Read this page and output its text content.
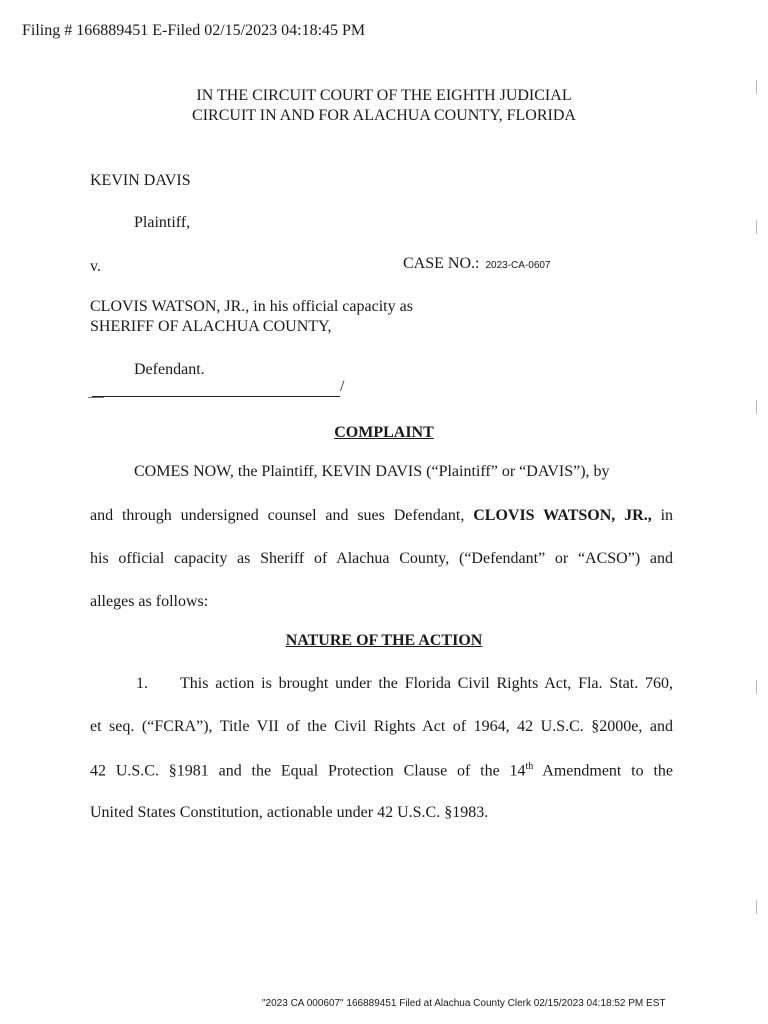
Filing # 166889451 E-Filed 02/15/2023 04:18:45 PM
IN THE CIRCUIT COURT OF THE EIGHTH JUDICIAL
CIRCUIT IN AND FOR ALACHUA COUNTY, FLORIDA
KEVIN DAVIS
Plaintiff,
v.	CASE NO.: 2023-CA-0607
CLOVIS WATSON, JR., in his official capacity as
SHERIFF OF ALACHUA COUNTY,
Defendant.
/
COMPLAINT
COMES NOW, the Plaintiff, KEVIN DAVIS (“Plaintiff” or “DAVIS”), by
and through undersigned counsel and sues Defendant, CLOVIS WATSON, JR., in
his official capacity as Sheriff of Alachua County, (“Defendant” or “ACSO”) and
alleges as follows:
NATURE OF THE ACTION
1. This action is brought under the Florida Civil Rights Act, Fla. Stat. 760,
et seq. (“FCRA”), Title VII of the Civil Rights Act of 1964, 42 U.S.C. §2000e, and
42 U.S.C. §1981 and the Equal Protection Clause of the 14th Amendment to the
United States Constitution, actionable under 42 U.S.C. §1983.
"2023 CA 000607" 166889451 Filed at Alachua County Clerk 02/15/2023 04:18:52 PM EST
